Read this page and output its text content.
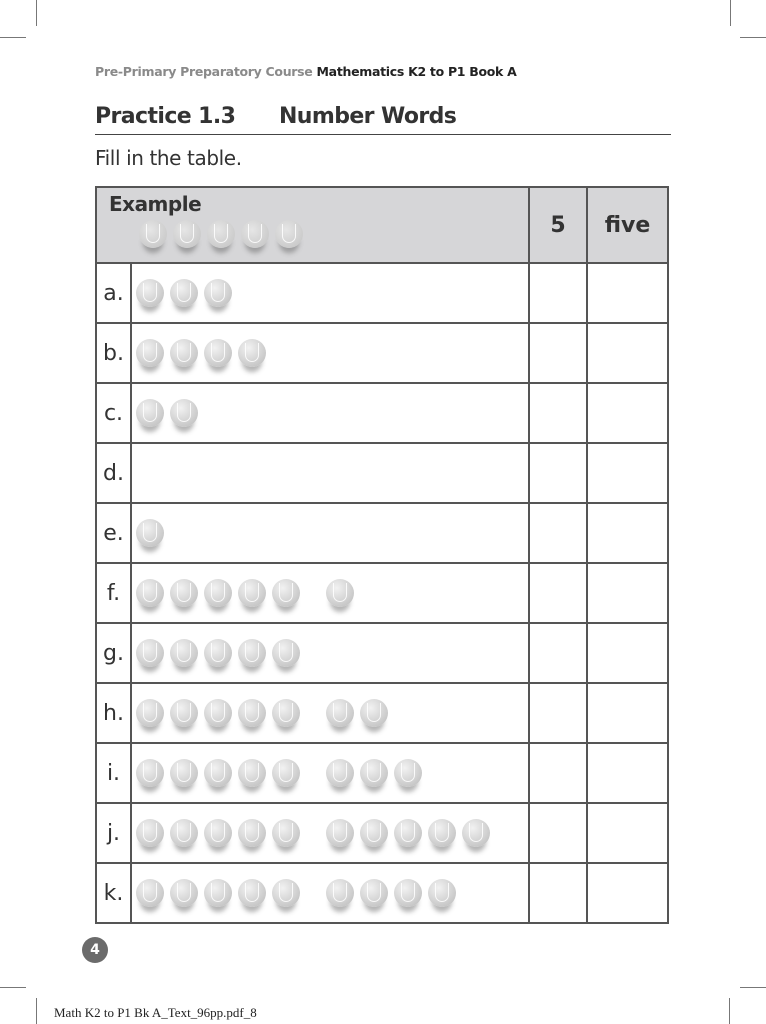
Pre-Primary Preparatory Course Mathematics K2 to P1 Book A
Practice 1.3 Number Words
Fill in the table.
Example		5	five
a.	

b.	

c.	

d.	

e.	

f.	

g.	

h.	

i.	

j.	

k.	

4
Math K2 to P1 Bk A_Text_96pp.pdf_8
